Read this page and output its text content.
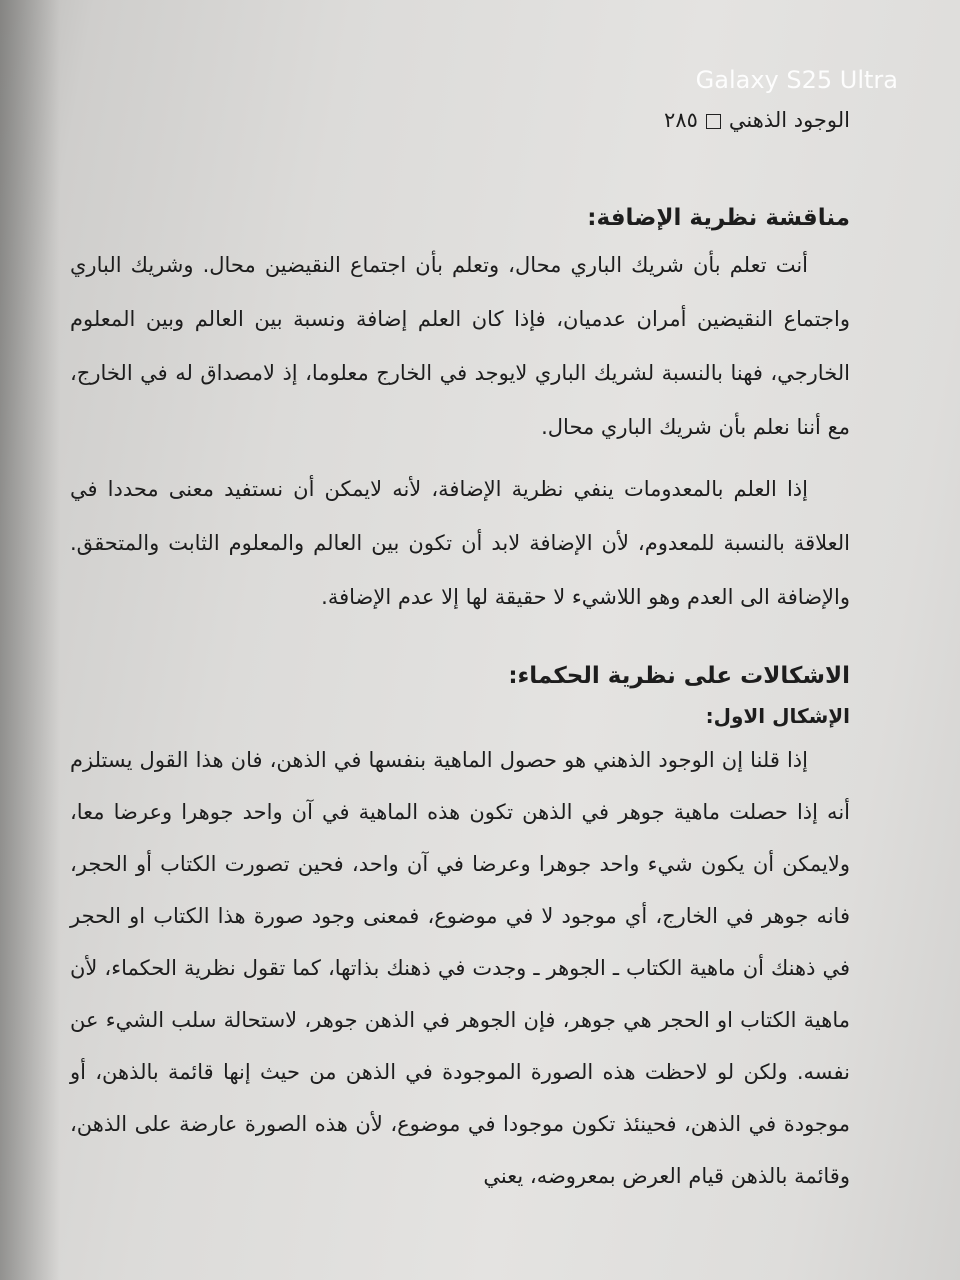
Galaxy S25 Ultra
الوجود الذهني٢٨٥
مناقشة نظرية الإضافة:

أنت تعلم بأن شريك الباري محال، وتعلم بأن اجتماع النقيضين محال. وشريك الباري واجتماع النقيضين أمران عدميان، فإذا كان العلم إضافة ونسبة بين العالم وبين المعلوم الخارجي، فهنا بالنسبة لشريك الباري لايوجد في الخارج معلوما، إذ لامصداق له في الخارج، مع أننا نعلم بأن شريك الباري محال.

إذا العلم بالمعدومات ينفي نظرية الإضافة، لأنه لايمكن أن نستفيد معنى محددا في العلاقة بالنسبة للمعدوم، لأن الإضافة لابد أن تكون بين العالم والمعلوم الثابت والمتحقق. والإضافة الى العدم وهو اللاشيء لا حقيقة لها إلا عدم الإضافة.

الاشكالات على نظرية الحكماء:
الإشكال الاول:

إذا قلنا إن الوجود الذهني هو حصول الماهية بنفسها في الذهن، فان هذا القول يستلزم أنه إذا حصلت ماهية جوهر في الذهن تكون هذه الماهية في آن واحد جوهرا وعرضا معا، ولايمكن أن يكون شيء واحد جوهرا وعرضا في آن واحد، فحين تصورت الكتاب أو الحجر، فانه جوهر في الخارج، أي موجود لا في موضوع، فمعنى وجود صورة هذا الكتاب او الحجر في ذهنك أن ماهية الكتاب ـ الجوهر ـ وجدت في ذهنك بذاتها، كما تقول نظرية الحكماء، لأن ماهية الكتاب او الحجر هي جوهر، فإن الجوهر في الذهن جوهر، لاستحالة سلب الشيء عن نفسه. ولكن لو لاحظت هذه الصورة الموجودة في الذهن من حيث إنها قائمة بالذهن، أو موجودة في الذهن، فحينئذ تكون موجودا في موضوع، لأن هذه الصورة عارضة على الذهن، وقائمة بالذهن قيام العرض بمعروضه، يعني
